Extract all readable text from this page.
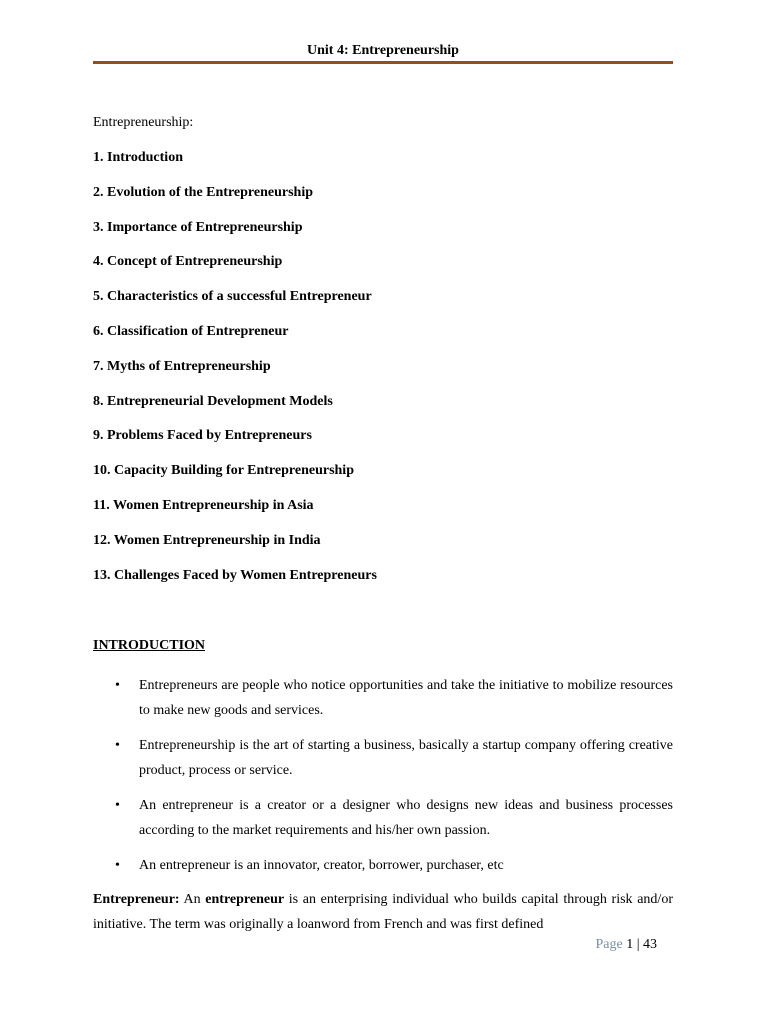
Unit 4: Entrepreneurship
Entrepreneurship:
1. Introduction
2. Evolution of the Entrepreneurship
3. Importance of Entrepreneurship
4. Concept of Entrepreneurship
5. Characteristics of a successful Entrepreneur
6. Classification of Entrepreneur
7. Myths of Entrepreneurship
8. Entrepreneurial Development Models
9. Problems Faced by Entrepreneurs
10. Capacity Building for Entrepreneurship
11. Women Entrepreneurship in Asia
12. Women Entrepreneurship in India
13. Challenges Faced by Women Entrepreneurs
INTRODUCTION
• Entrepreneurs are people who notice opportunities and take the initiative to mobilize resources to make new goods and services.
• Entrepreneurship is the art of starting a business, basically a startup company offering creative product, process or service.
• An entrepreneur is a creator or a designer who designs new ideas and business processes according to the market requirements and his/her own passion.
• An entrepreneur is an innovator, creator, borrower, purchaser, etc

Entrepreneur: An entrepreneur is an enterprising individual who builds capital through risk and/or initiative. The term was originally a loanword from French and was first defined

Page 1 | 43
